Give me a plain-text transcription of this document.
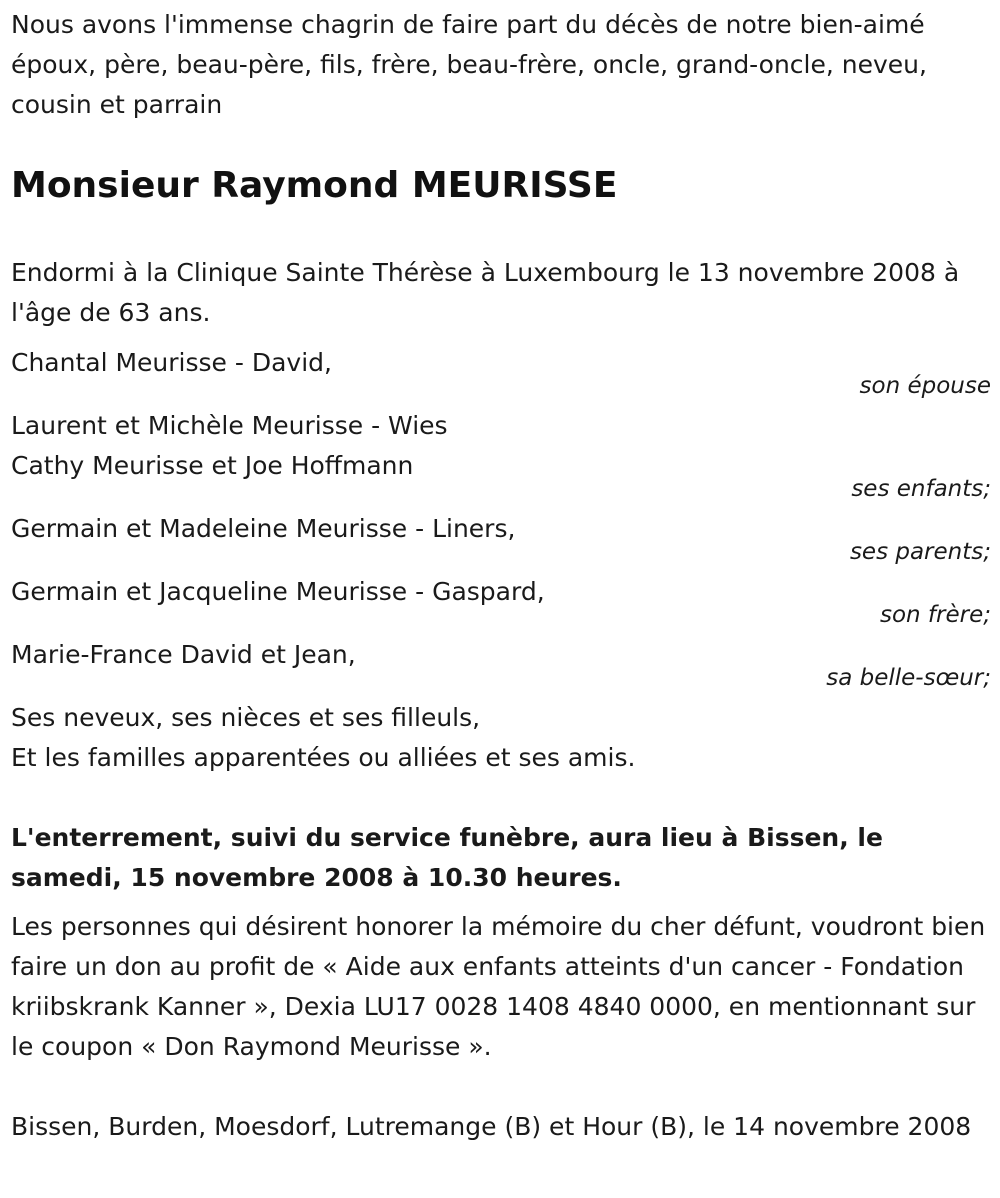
Nous avons l'immense chagrin de faire part du décès de notre bien-aimé époux, père, beau-père, fils, frère, beau-frère, oncle, grand-oncle, neveu, cousin et parrain

Monsieur Raymond MEURISSE

Endormi à la Clinique Sainte Thérèse à Luxembourg le 13 novembre 2008 à l'âge de 63 ans.

Chantal Meurisse - David,

son épouse

Laurent et Michèle Meurisse - Wies

Cathy Meurisse et Joe Hoffmann

ses enfants;

Germain et Madeleine Meurisse - Liners,

ses parents;

Germain et Jacqueline Meurisse - Gaspard,

son frère;

Marie-France David et Jean,

sa belle-sœur;

Ses neveux, ses nièces et ses filleuls,

Et les familles apparentées ou alliées et ses amis.

L'enterrement, suivi du service funèbre, aura lieu à Bissen, le samedi, 15 novembre 2008 à 10.30 heures.

Les personnes qui désirent honorer la mémoire du cher défunt, voudront bien faire un don au profit de « Aide aux enfants atteints d'un cancer - Fondation kriibskrank Kanner », Dexia LU17 0028 1408 4840 0000, en mentionnant sur le coupon « Don Raymond Meurisse ».

Bissen, Burden, Moesdorf, Lutremange (B) et Hour (B), le 14 novembre 2008
